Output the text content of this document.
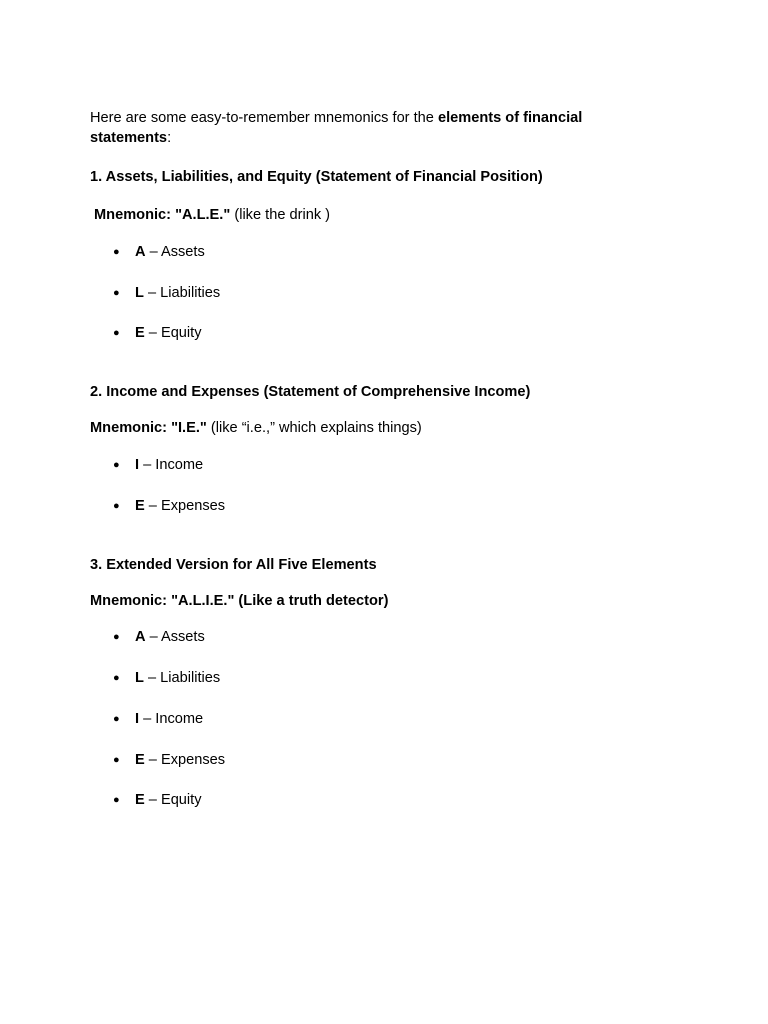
Here are some easy-to-remember mnemonics for the elements of financial

statements:

1. Assets, Liabilities, and Equity (Statement of Financial Position)

Mnemonic: "A.L.E." (like the drink )

● A – Assets
● L – Liabilities
● E – Equity

2. Income and Expenses (Statement of Comprehensive Income)

Mnemonic: "I.E." (like “i.e.,” which explains things)

● I – Income
● E – Expenses

3. Extended Version for All Five Elements

Mnemonic: "A.L.I.E." (Like a truth detector)

● A – Assets
● L – Liabilities
● I – Income
● E – Expenses
● E – Equity
